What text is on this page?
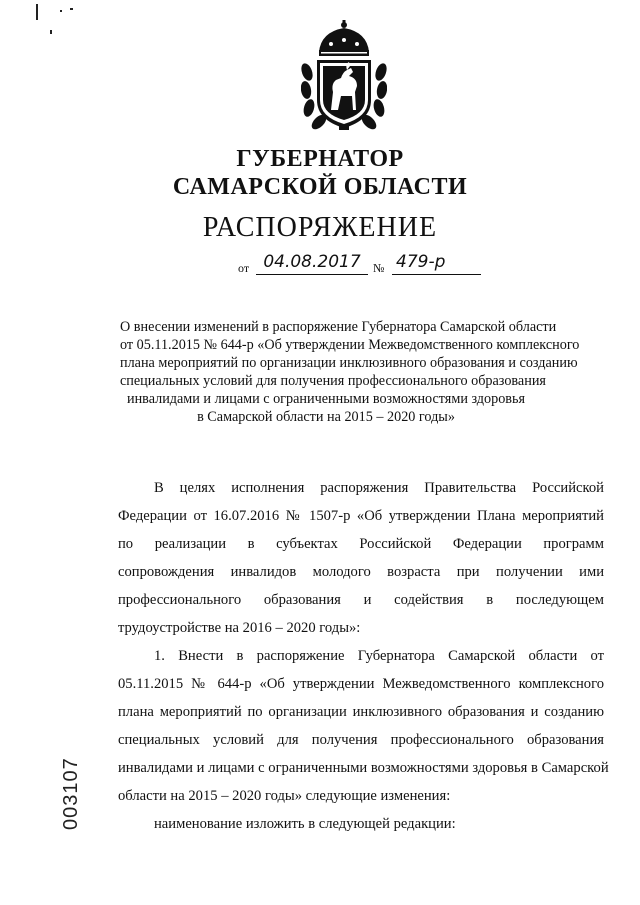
ГУБЕРНАТОР
САМАРСКОЙ ОБЛАСТИ
РАСПОРЯЖЕНИЕ
от 04.08.2017	№ 479-р
О внесении изменений в распоряжение Губернатора Самарской области
от 05.11.2015 № 644-р «Об утверждении Межведомственного комплексного
плана мероприятий по организации инклюзивного образования и созданию
специальных условий для получения профессионального образования
инвалидами и лицами с ограниченными возможностями здоровья
в Самарской области на 2015 – 2020 годы»
В целях исполнения распоряжения Правительства Российской
Федерации от 16.07.2016 № 1507-р «Об утверждении Плана мероприятий
по реализации в субъектах Российской Федерации программ
сопровождения инвалидов молодого возраста при получении ими
профессионального образования и содействия в последующем
трудоустройстве на 2016 – 2020 годы»:
1. Внести в распоряжение Губернатора Самарской области от
05.11.2015 № 644-р «Об утверждении Межведомственного комплексного
плана мероприятий по организации инклюзивного образования и созданию
специальных условий для получения профессионального образования
инвалидами и лицами с ограниченными возможностями здоровья в Самарской
области на 2015 – 2020 годы» следующие изменения:
наименование изложить в следующей редакции:
003107
